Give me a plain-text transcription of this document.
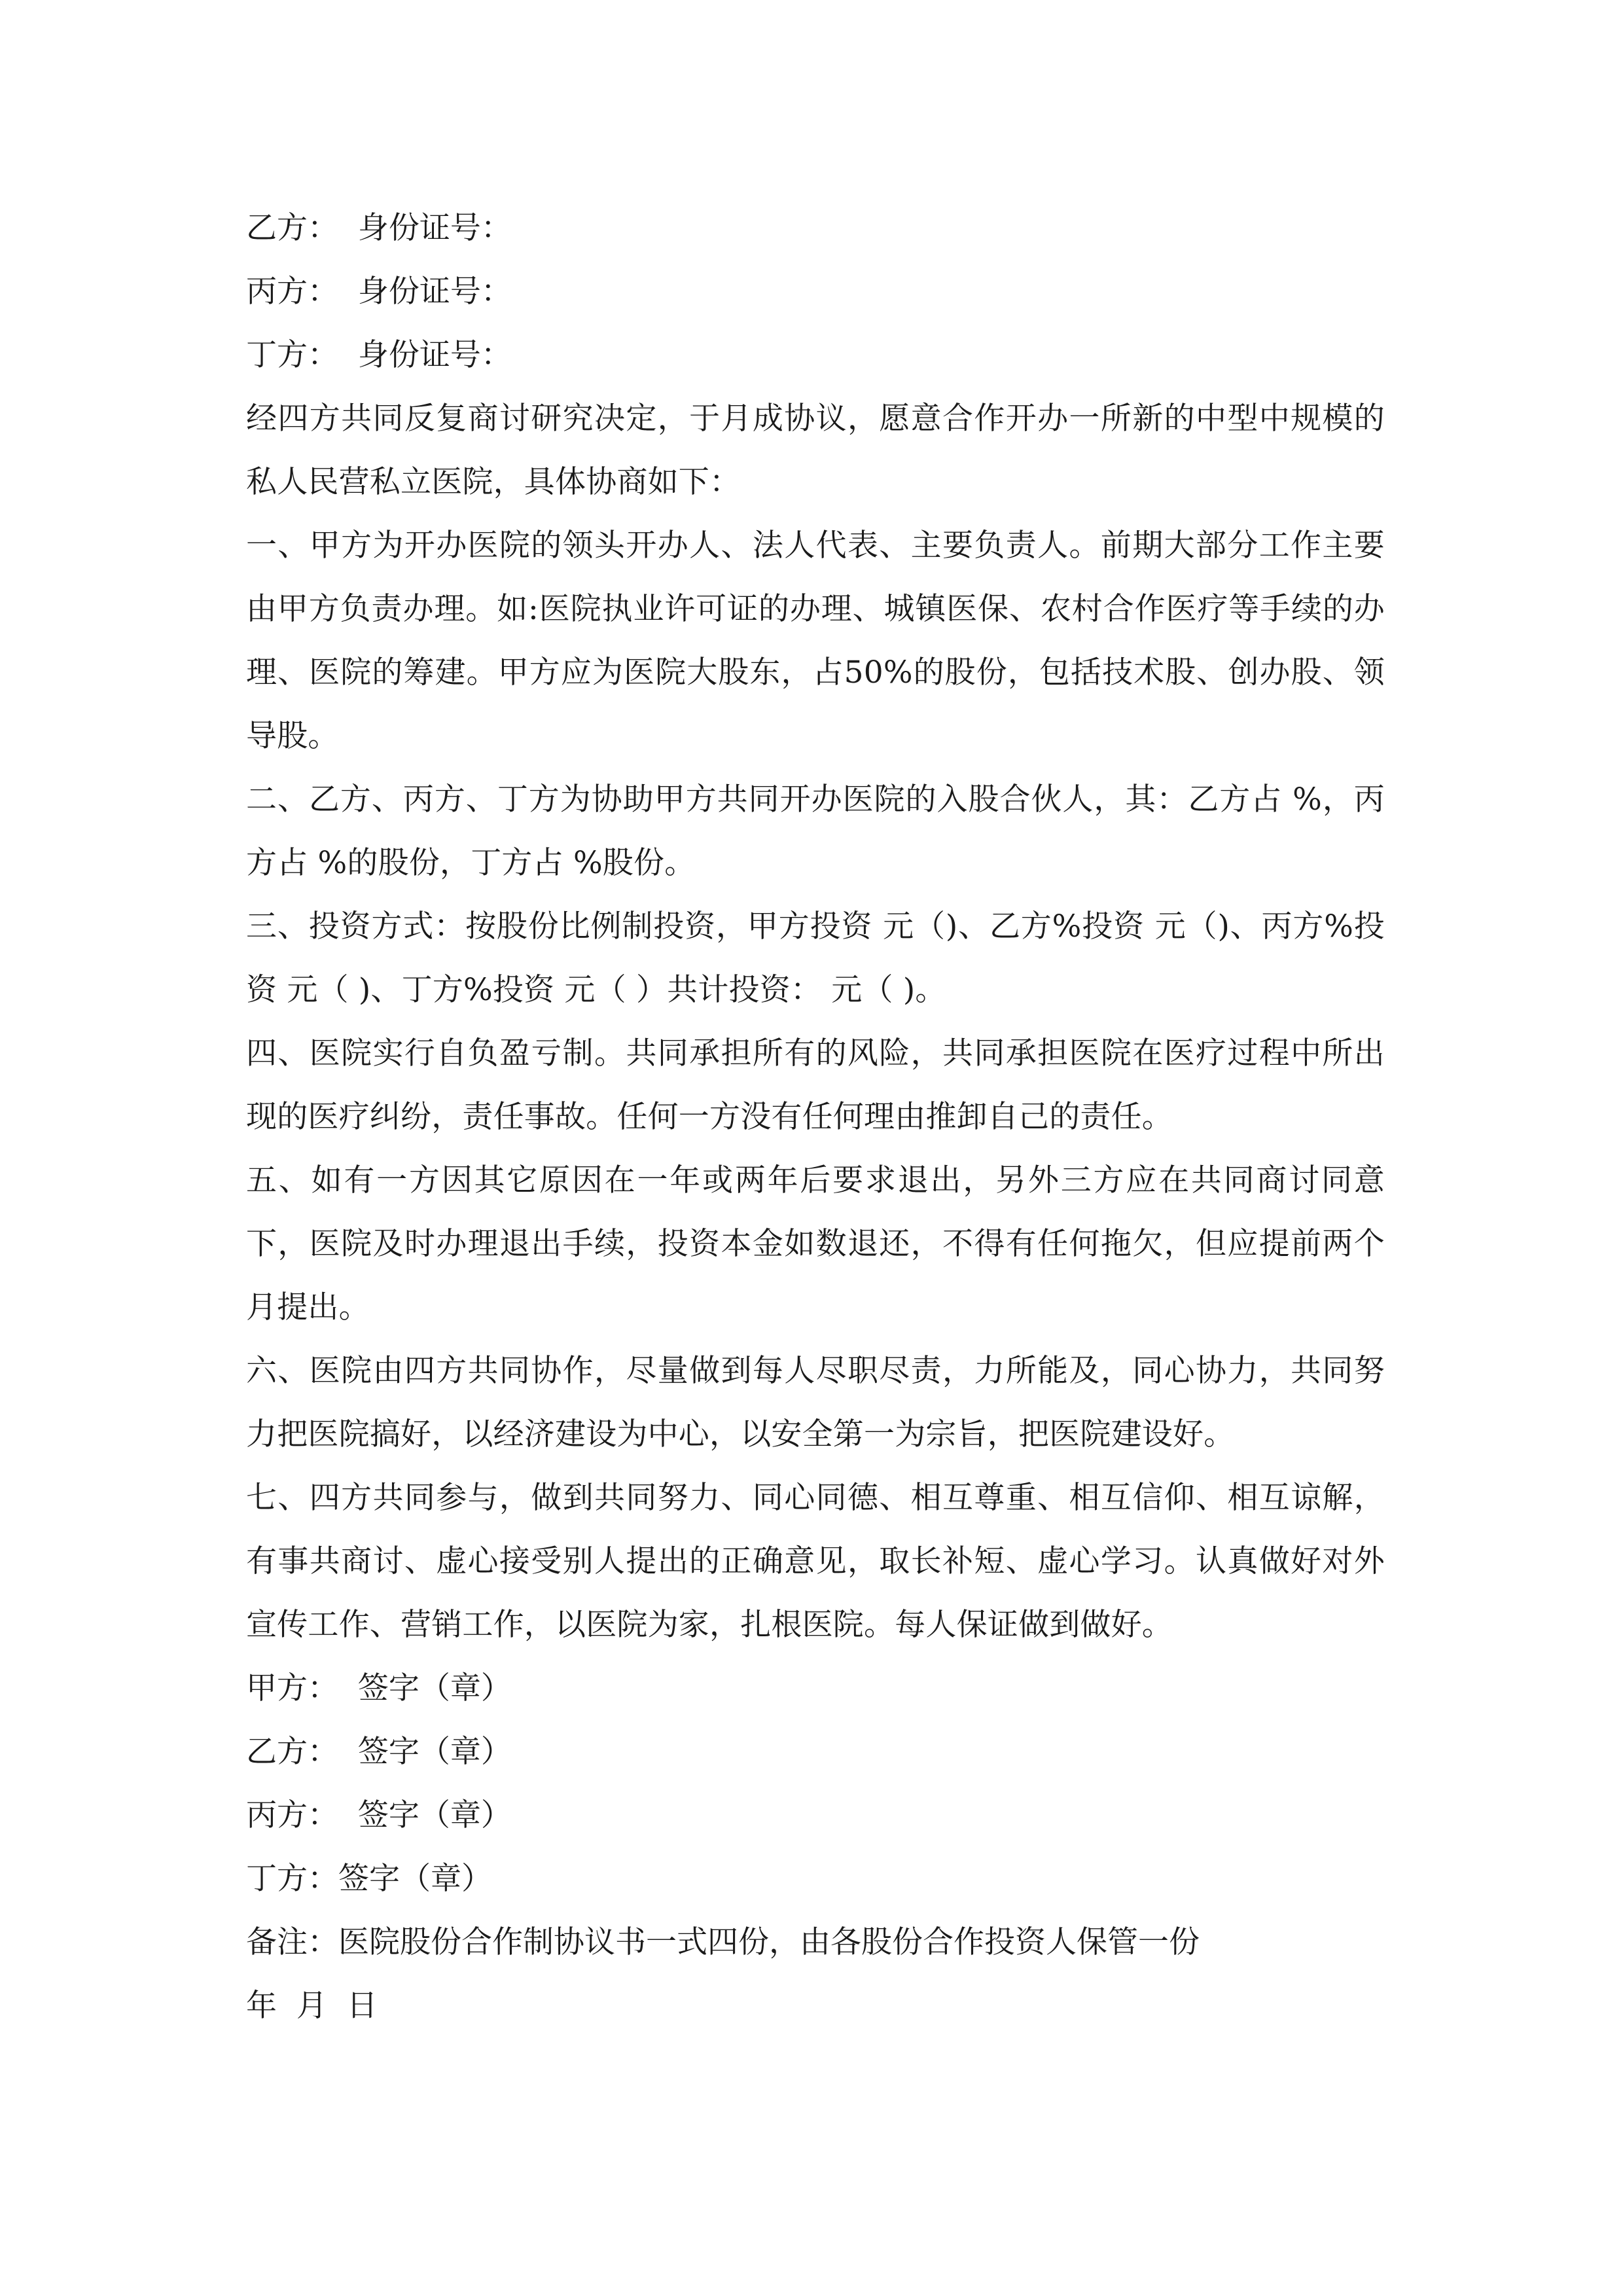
乙方：  身份证号：
丙方：  身份证号：
丁方：  身份证号：
经四方共同反复商讨研究决定，于月成协议，愿意合作开办一所新的中型中规模的私人民营私立医院，具体协商如下：
一、甲方为开办医院的领头开办人、法人代表、主要负责人。前期大部分工作主要由甲方负责办理。如:医院执业许可证的办理、城镇医保、农村合作医疗等手续的办理、医院的筹建。甲方应为医院大股东，占50%的股份，包括技术股、创办股、领导股。
二、乙方、丙方、丁方为协助甲方共同开办医院的入股合伙人，其：乙方占 %，丙方占 %的股份，丁方占 %股份。
三、投资方式：按股份比例制投资，甲方投资 元（)、乙方%投资 元（)、丙方%投资 元（ )、丁方%投资 元（ ）共计投资： 元（ )。
四、医院实行自负盈亏制。共同承担所有的风险，共同承担医院在医疗过程中所出现的医疗纠纷，责任事故。任何一方没有任何理由推卸自己的责任。
五、如有一方因其它原因在一年或两年后要求退出，另外三方应在共同商讨同意下，医院及时办理退出手续，投资本金如数退还，不得有任何拖欠，但应提前两个月提出。
六、医院由四方共同协作，尽量做到每人尽职尽责，力所能及，同心协力，共同努力把医院搞好，以经济建设为中心，以安全第一为宗旨，把医院建设好。
七、四方共同参与，做到共同努力、同心同德、相互尊重、相互信仰、相互谅解，有事共商讨、虚心接受别人提出的正确意见，取长补短、虚心学习。认真做好对外宣传工作、营销工作，以医院为家，扎根医院。每人保证做到做好。
甲方：  签字（章）
乙方：  签字（章）
丙方：  签字（章）
丁方：签字（章）
备注：医院股份合作制协议书一式四份，由各股份合作投资人保管一份
年  月  日
